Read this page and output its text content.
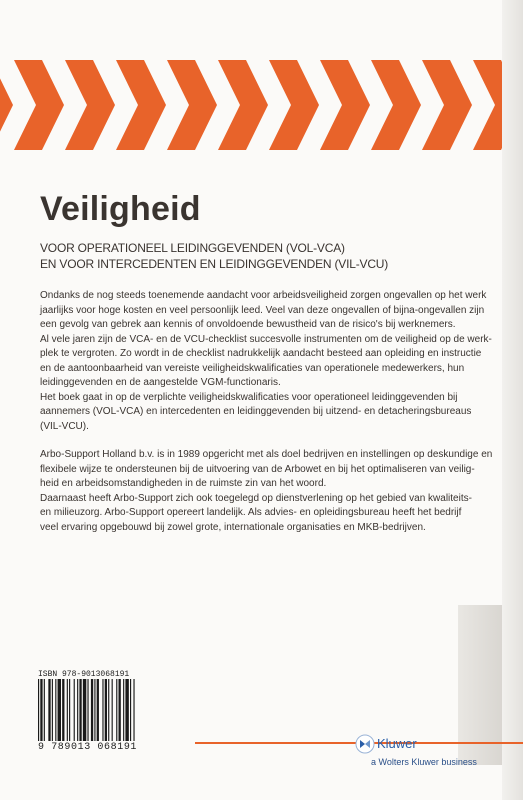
Veiligheid
VOOR OPERATIONEEL LEIDINGGEVENDEN (VOL-VCA)
EN VOOR INTERCEDENTEN EN LEIDINGGEVENDEN (VIL-VCU)

Ondanks de nog steeds toenemende aandacht voor arbeidsveiligheid zorgen ongevallen op het werk

jaarlijks voor hoge kosten en veel persoonlijk leed. Veel van deze ongevallen of bijna-ongevallen zijn

een gevolg van gebrek aan kennis of onvoldoende bewustheid van de risico's bij werknemers.

Al vele jaren zijn de VCA- en de VCU-checklist succesvolle instrumenten om de veiligheid op de werk-

plek te vergroten. Zo wordt in de checklist nadrukkelijk aandacht besteed aan opleiding en instructie

en de aantoonbaarheid van vereiste veiligheidskwalificaties van operationele medewerkers, hun

leidinggevenden en de aangestelde VGM-functionaris.

Het boek gaat in op de verplichte veiligheidskwalificaties voor operationeel leidinggevenden bij

aannemers (VOL-VCA) en intercedenten en leidinggevenden bij uitzend- en detacheringsbureaus

(VIL-VCU).

Arbo-Support Holland b.v. is in 1989 opgericht met als doel bedrijven en instellingen op deskundige en

flexibele wijze te ondersteunen bij de uitvoering van de Arbowet en bij het optimaliseren van veilig-

heid en arbeidsomstandigheden in de ruimste zin van het woord.

Daarnaast heeft Arbo-Support zich ook toegelegd op dienstverlening op het gebied van kwaliteits-

en milieuzorg. Arbo-Support opereert landelijk. Als advies- en opleidingsbureau heeft het bedrijf

veel ervaring opgebouwd bij zowel grote, internationale organisaties en MKB-bedrijven.

ISBN 978-9013068191
9 789013 068191	Kluwer
a Wolters Kluwer business
